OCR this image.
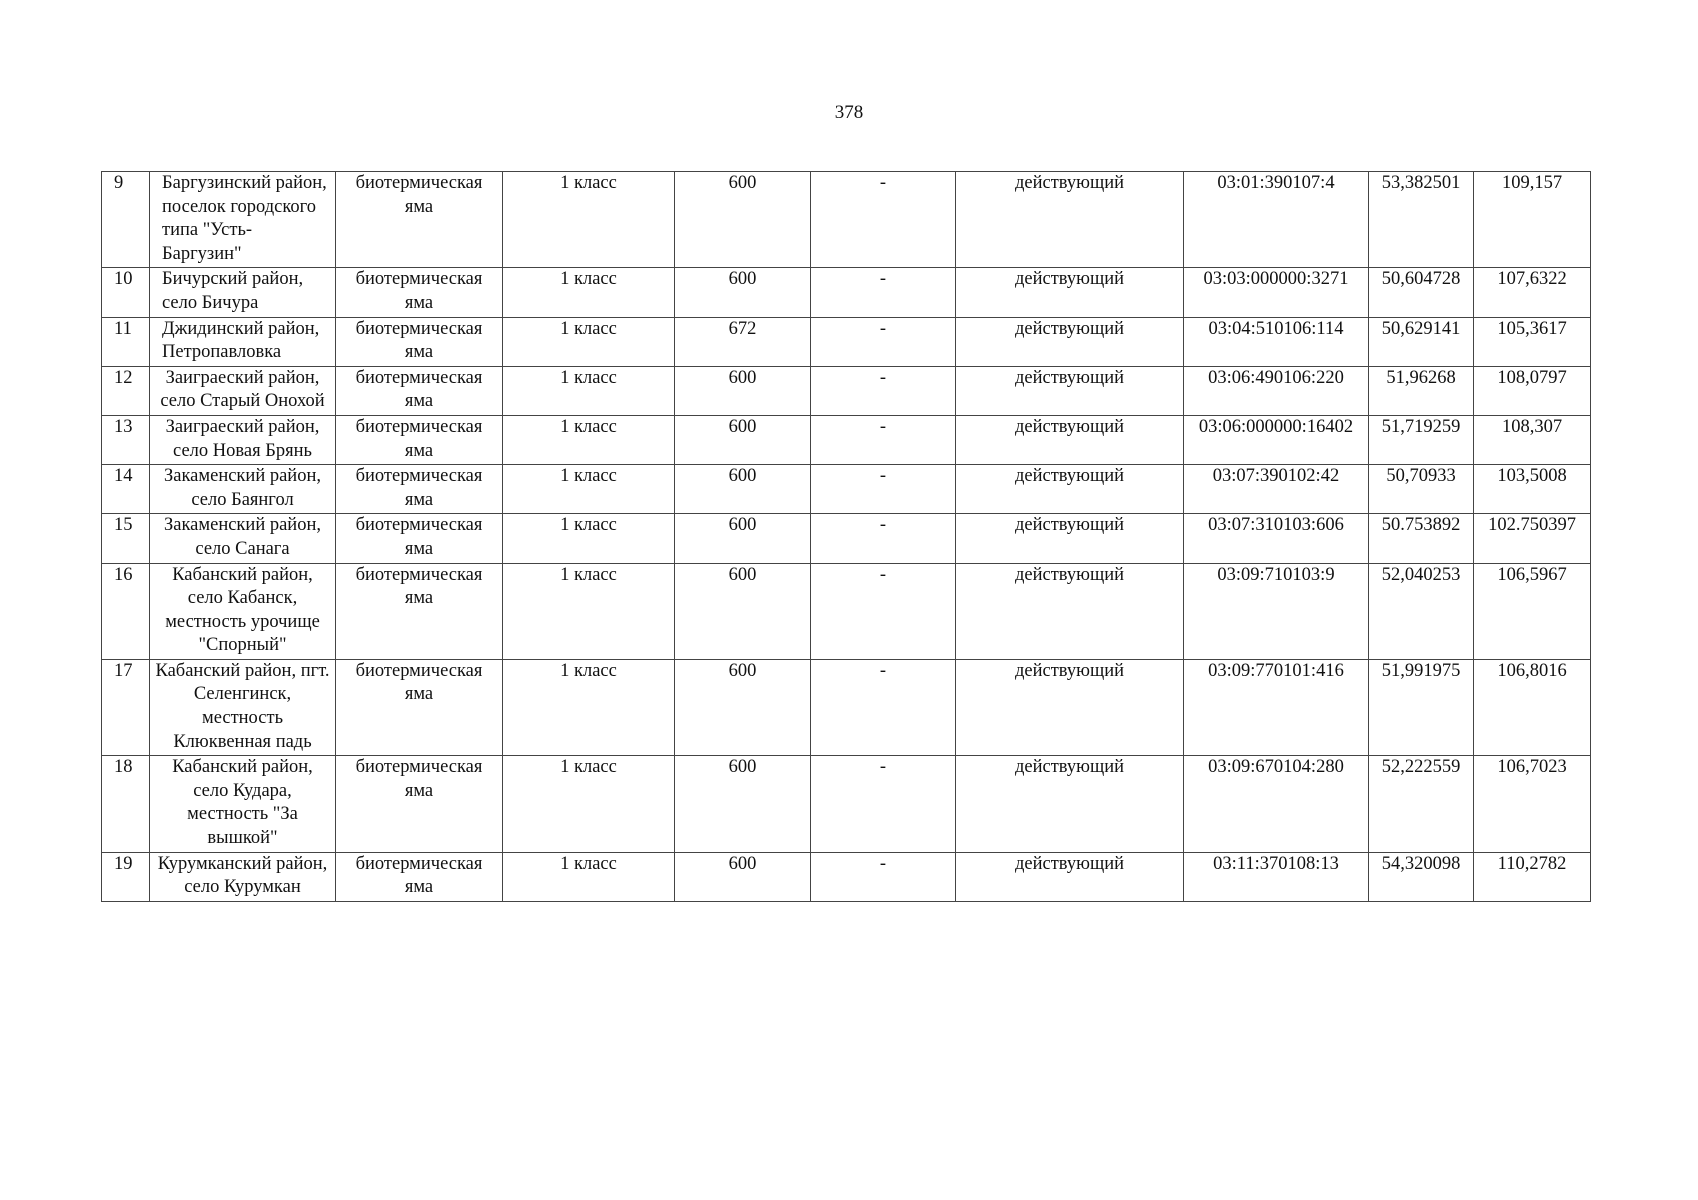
378
9	Баргузинский район, поселок городского типа "Усть-Баргузин"	биотермическая яма	1 класс	600	-	действующий	03:01:390107:4	53,382501	109,157
10	Бичурский район, село Бичура	биотермическая яма	1 класс	600	-	действующий	03:03:000000:3271	50,604728	107,6322
11	Джидинский район, Петропавловка	биотермическая яма	1 класс	672	-	действующий	03:04:510106:114	50,629141	105,3617
12	Заиграеский район, село Старый Онохой	биотермическая яма	1 класс	600	-	действующий	03:06:490106:220	51,96268	108,0797
13	Заиграеский район, село Новая Брянь	биотермическая яма	1 класс	600	-	действующий	03:06:000000:16402	51,719259	108,307
14	Закаменский район, село Баянгол	биотермическая яма	1 класс	600	-	действующий	03:07:390102:42	50,70933	103,5008
15	Закаменский район, село Санага	биотермическая яма	1 класс	600	-	действующий	03:07:310103:606	50.753892	102.750397
16	Кабанский район, село Кабанск, местность урочище "Спорный"	биотермическая яма	1 класс	600	-	действующий	03:09:710103:9	52,040253	106,5967
17	Кабанский район, пгт. Селенгинск, местность Клюквенная падь	биотермическая яма	1 класс	600	-	действующий	03:09:770101:416	51,991975	106,8016
18	Кабанский район, село Кудара, местность "За вышкой"	биотермическая яма	1 класс	600	-	действующий	03:09:670104:280	52,222559	106,7023
19	Курумканский район, село Курумкан	биотермическая яма	1 класс	600	-	действующий	03:11:370108:13	54,320098	110,2782
